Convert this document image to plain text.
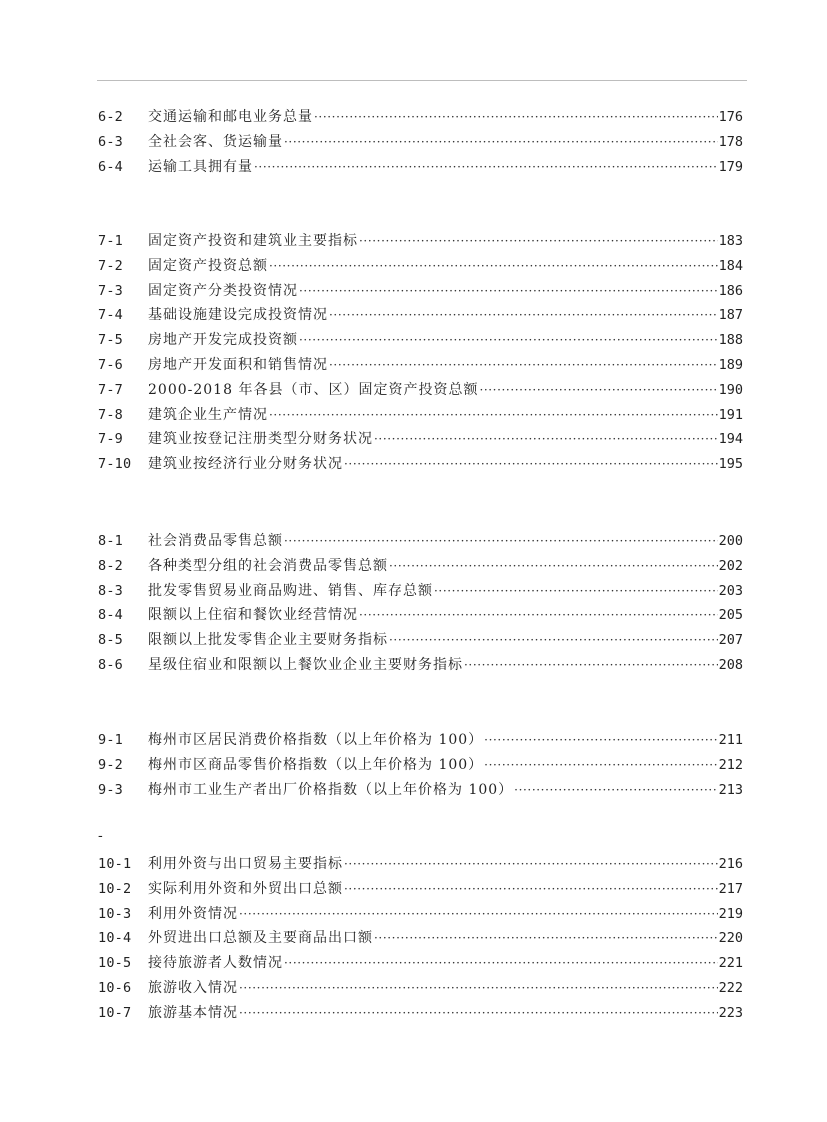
6-2	交通运输和邮电业务总量 ·····	176
6-3	全社会客、货运输量 ·····	178
6-4	运输工具拥有量 ·····	179
7-1	固定资产投资和建筑业主要指标 ·····	183
7-2	固定资产投资总额 ·····	184
7-3	固定资产分类投资情况 ·····	186
7-4	基础设施建设完成投资情况 ·····	187
7-5	房地产开发完成投资额 ·····	188
7-6	房地产开发面积和销售情况 ·····	189
7-7	2000-2018 年各县（市、区）固定资产投资总额 ·····	190
7-8	建筑企业生产情况 ·····	191
7-9	建筑业按登记注册类型分财务状况 ·····	194
7-10	建筑业按经济行业分财务状况 ·····	195
8-1	社会消费品零售总额 ·····	200
8-2	各种类型分组的社会消费品零售总额 ·····	202
8-3	批发零售贸易业商品购进、销售、库存总额 ·····	203
8-4	限额以上住宿和餐饮业经营情况 ·····	205
8-5	限额以上批发零售企业主要财务指标 ·····	207
8-6	星级住宿业和限额以上餐饮业企业主要财务指标 ·····	208
9-1	梅州市区居民消费价格指数（以上年价格为 100） ·····	211
9-2	梅州市区商品零售价格指数（以上年价格为 100） ·····	212
9-3	梅州市工业生产者出厂价格指数（以上年价格为 100） ·····	213
-
10-1	利用外资与出口贸易主要指标 ·····	216
10-2	实际利用外资和外贸出口总额 ·····	217
10-3	利用外资情况 ·····	219
10-4	外贸进出口总额及主要商品出口额 ·····	220
10-5	接待旅游者人数情况 ·····	221
10-6	旅游收入情况 ·····	222
10-7	旅游基本情况 ·····	223
